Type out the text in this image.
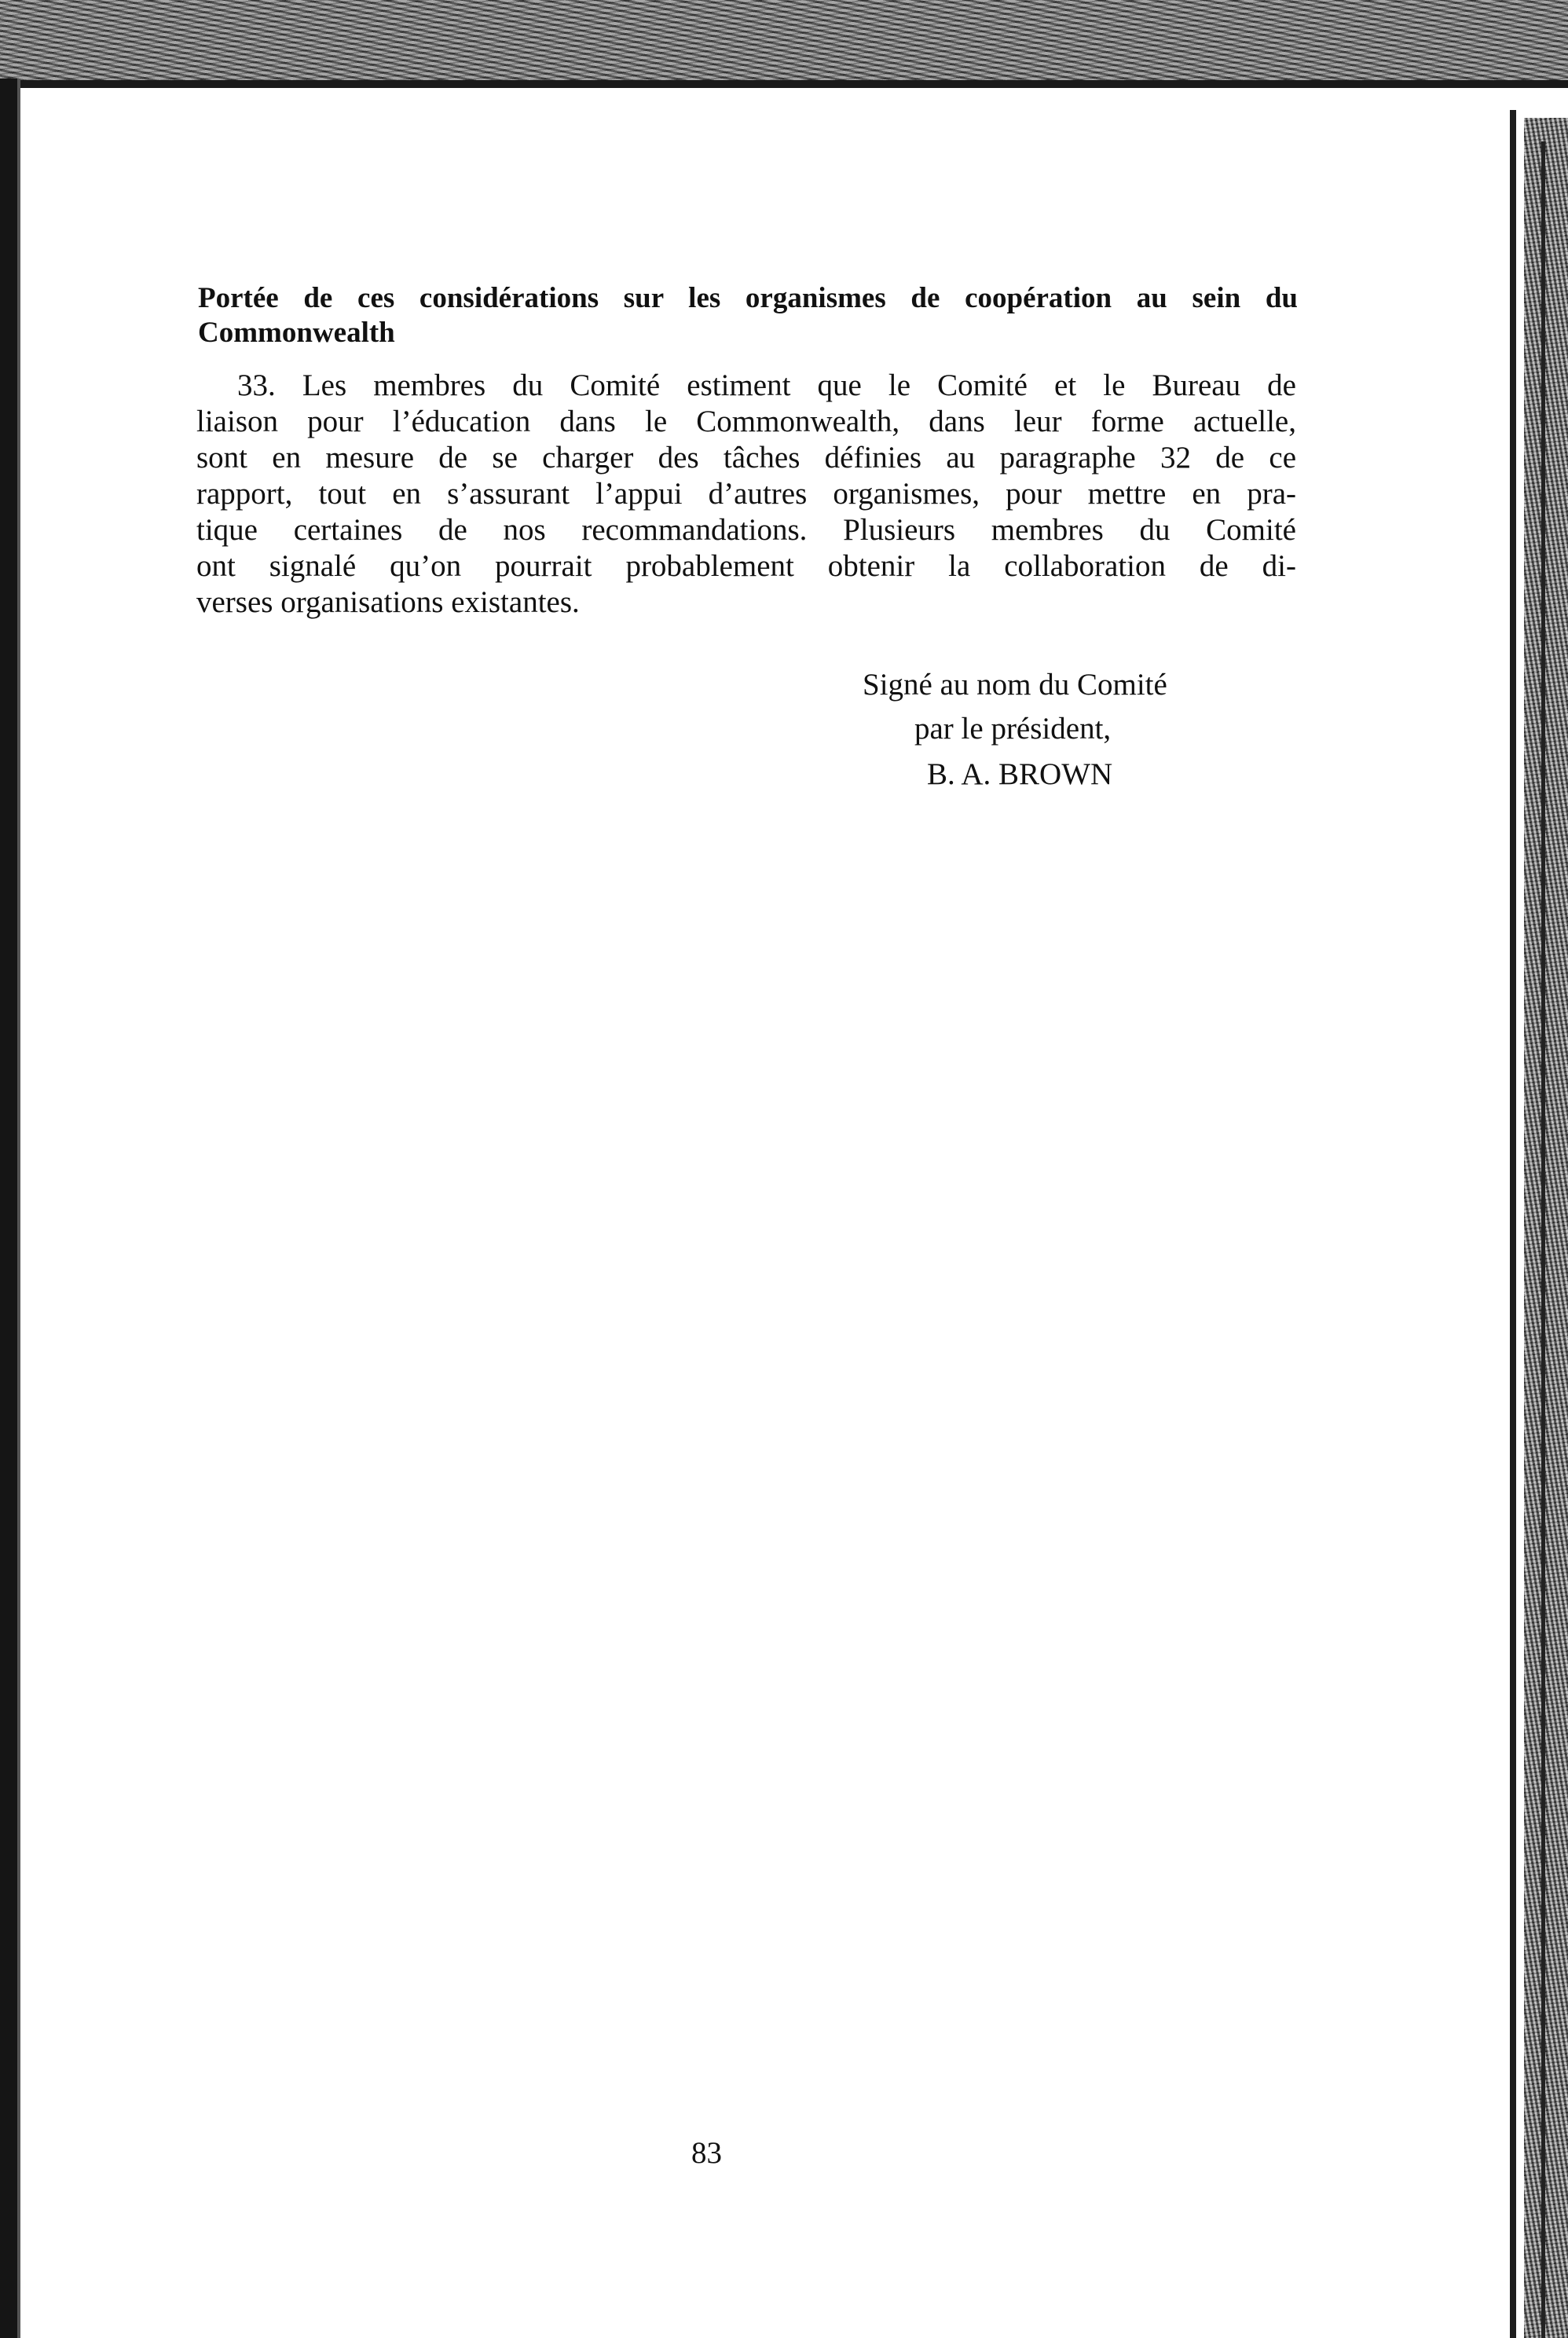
Portée de ces considérations sur les organismes de coopération au sein du
Commonwealth
33. Les membres du Comité estiment que le Comité et le Bureau de
liaison pour l’éducation dans le Commonwealth, dans leur forme actuelle,
sont en mesure de se charger des tâches définies au paragraphe 32 de ce
rapport, tout en s’assurant l’appui d’autres organismes, pour mettre en pra-
tique certaines de nos recommandations. Plusieurs membres du Comité
ont signalé qu’on pourrait probablement obtenir la collaboration de di-
verses organisations existantes.
Signé au nom du Comité
par le président,
B. A. BROWN
83
